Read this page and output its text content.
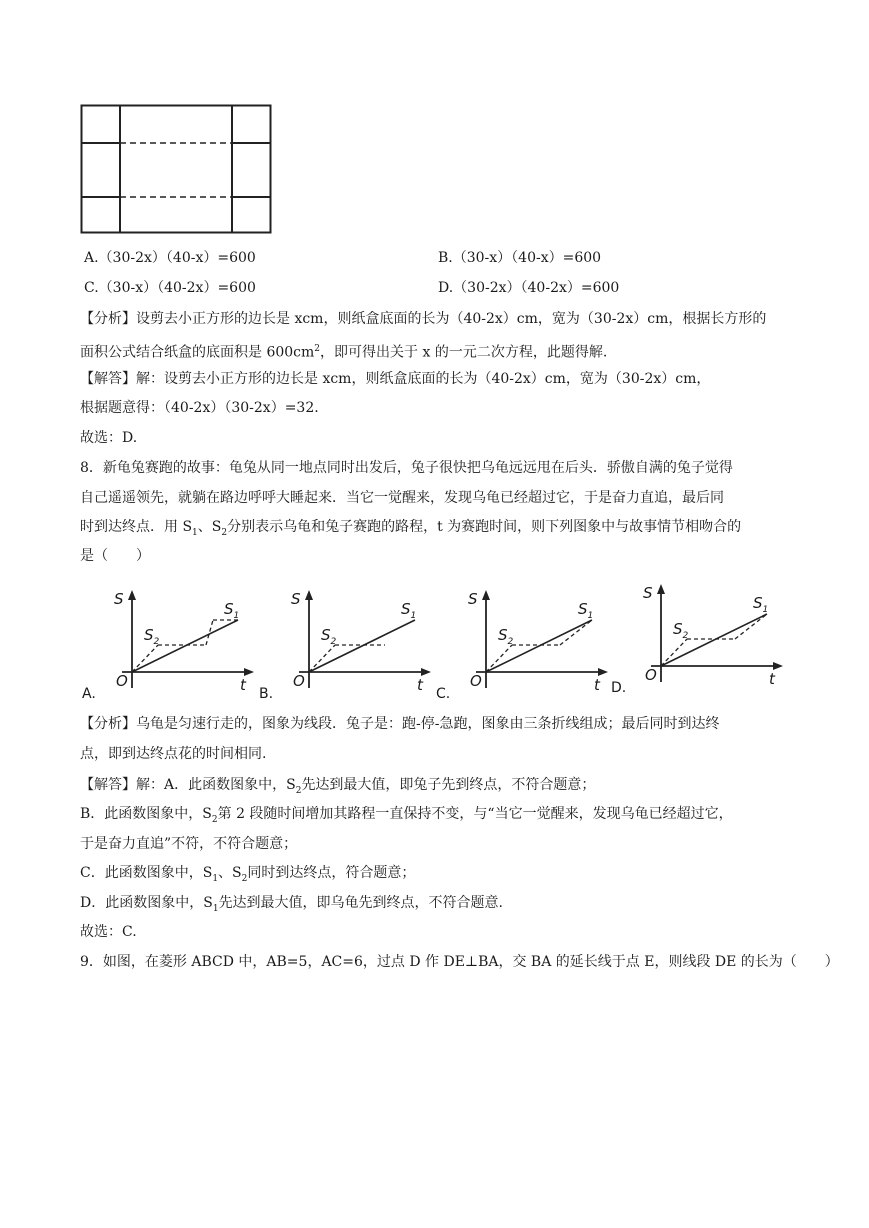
A.（30-2x）（40-x）=600	B.（30-x）（40-x）=600
C.（30-x）（40-2x）=600	D.（30-2x）（40-2x）=600
【分析】设剪去小正方形的边长是 xcm，则纸盒底面的长为（40-2x）cm，宽为（30-2x）cm，根据长方形的
面积公式结合纸盒的底面积是 $600cm^2$，即可得出关于 x 的一元二次方程，此题得解.
【解答】解：设剪去小正方形的边长是 xcm，则纸盒底面的长为（40-2x）cm，宽为（30-2x）cm，
根据题意得：（40-2x）（30-2x）=32.
故选：D.
8．新龟兔赛跑的故事：龟兔从同一地点同时出发后，兔子很快把乌龟远远甩在后头．骄傲自满的兔子觉得
自己遥遥领先，就躺在路边呼呼大睡起来．当它一觉醒来，发现乌龟已经超过它，于是奋力直追，最后同
时到达终点．用 $S_1$、$S_2$分别表示乌龟和兔子赛跑的路程，t 为赛跑时间，则下列图象中与故事情节相吻合的
是（　　）
S
t
O
$S_1$
$S_2$
A.
S
t
O
$S_1$
$S_2$
B.
S
t
O
$S_1$
$S_2$
C.
S
t
O
$S_1$
$S_2$
D.
【分析】乌龟是匀速行走的，图象为线段．兔子是：跑-停-急跑，图象由三条折线组成；最后同时到达终
点，即到达终点花的时间相同.
【解答】解：A．此函数图象中，$S_2$先达到最大值，即兔子先到终点，不符合题意；
B．此函数图象中，$S_2$第 2 段随时间增加其路程一直保持不变，与“当它一觉醒来，发现乌龟已经超过它，
于是奋力直追”不符，不符合题意；
C．此函数图象中，$S_1$、$S_2$同时到达终点，符合题意；
D．此函数图象中，$S_1$先达到最大值，即乌龟先到终点，不符合题意.
故选：C.
9．如图，在菱形 ABCD 中，AB=5，AC=6，过点 D 作 DE⊥BA，交 BA 的延长线于点 E，则线段 DE 的长为（　　）
